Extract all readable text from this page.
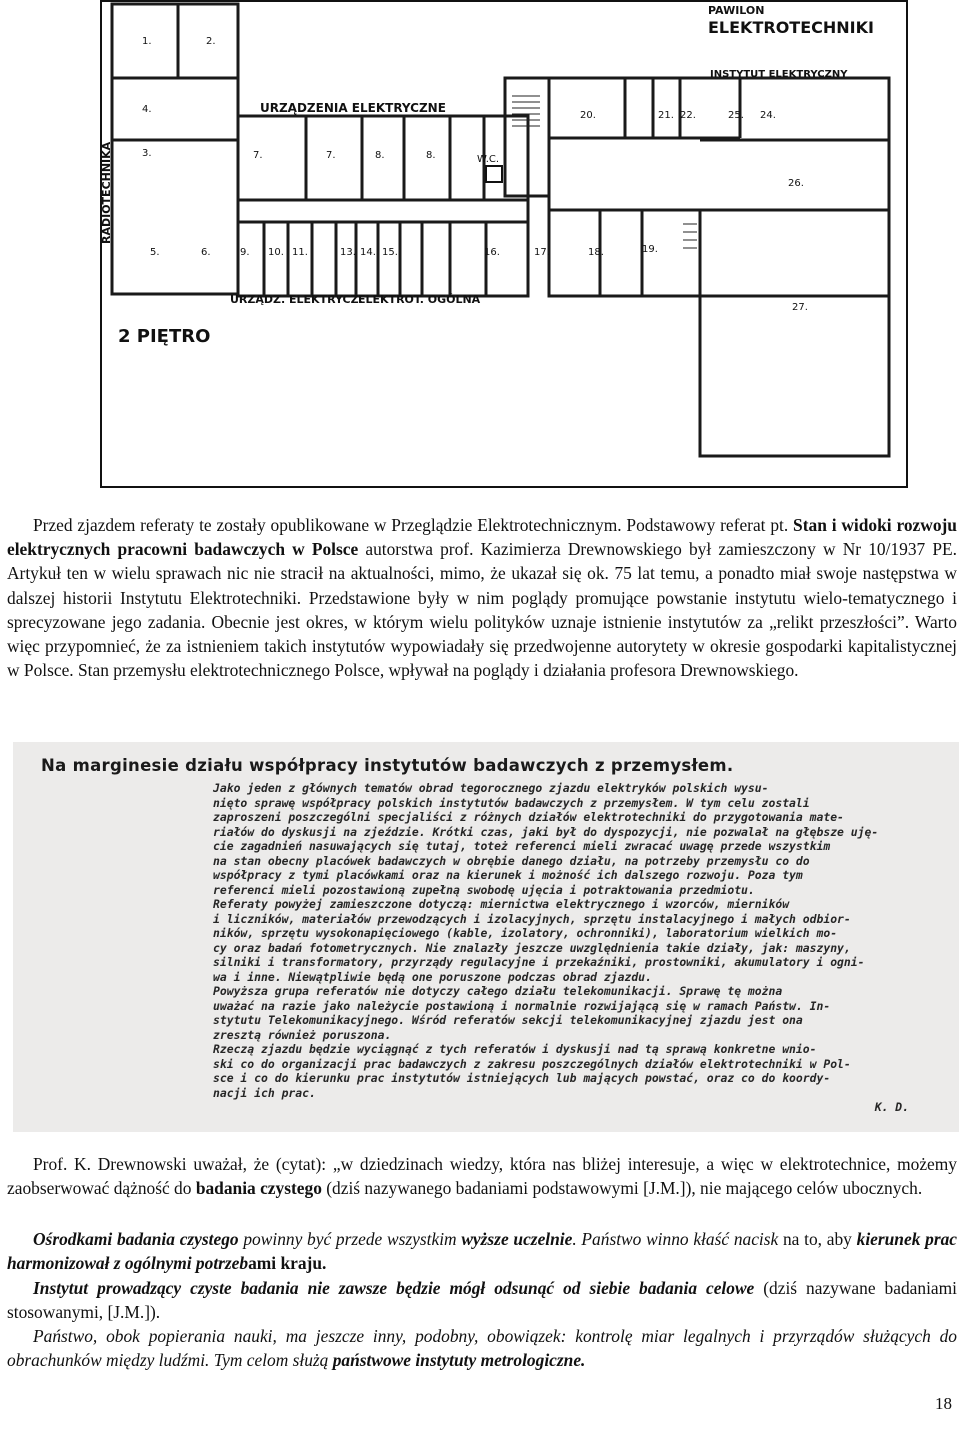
PAWILON
ELEKTROTECHNIKI
INSTYTUT ELEKTRYCZNY
URZĄDZENIA ELEKTRYCZNE
RADIOTECHNIKA
URZĄDZ. ELEKTRYCZ.
ELEKTROT. OGÓLNA
2 PIĘTRO
W.C.
1.	2.
4.
3.	7.	7.	8.	8.
5.	6.	9. 10. 11.	13. 14. 15.	16.	17.	18.	19.
20.	21. 22.	25. 24.
26.
27.
Przed zjazdem referaty te zostały opublikowane w Przeglądzie Elektrotechnicznym. Podstawowy referat pt. Stan i widoki rozwoju elektrycznych pracowni badawczych w Polsce autorstwa prof. Kazimierza Drewnowskiego był zamieszczony w Nr 10/1937 PE. Artykuł ten w wielu sprawach nic nie stracił na aktualności, mimo, że ukazał się ok. 75 lat temu, a ponadto miał swoje następstwa w dalszej historii Instytutu Elektrotechniki. Przedstawione były w nim poglądy promujące powstanie instytutu wielo-tematycznego i sprecyzowane jego zadania. Obecnie jest okres, w którym wielu polityków uznaje istnienie instytutów za „relikt przeszłości”. Warto więc przypomnieć, że za istnieniem takich instytutów wypowiadały się przedwojenne autorytety w okresie gospodarki kapitalistycznej w Polsce. Stan przemysłu elektrotechnicznego Polsce, wpływał na poglądy i działania profesora Drewnowskiego.
Na marginesie działu współpracy instytutów badawczych z przemysłem.
Jako jeden z głównych tematów obrad tegorocznego zjazdu elektryków polskich wysu-
nięto sprawę współpracy polskich instytutów badawczych z przemysłem. W tym celu zostali
zaproszeni poszczególni specjaliści z różnych działów elektrotechniki do przygotowania mate-
riałów do dyskusji na zjeździe. Krótki czas, jaki był do dyspozycji, nie pozwalał na głębsze uję-
cie zagadnień nasuwających się tutaj, toteż referenci mieli zwracać uwagę przede wszystkim
na stan obecny placówek badawczych w obrębie danego działu, na potrzeby przemysłu co do
współpracy z tymi placówkami oraz na kierunek i możność ich dalszego rozwoju. Poza tym
referenci mieli pozostawioną zupełną swobodę ujęcia i potraktowania przedmiotu.
Referaty powyżej zamieszczone dotyczą: miernictwa elektrycznego i wzorców, mierników
i liczników, materiałów przewodzących i izolacyjnych, sprzętu instalacyjnego i małych odbior-
ników, sprzętu wysokonapięciowego (kable, izolatory, ochronniki), laboratorium wielkich mo-
cy oraz badań fotometrycznych. Nie znalazły jeszcze uwzględnienia takie działy, jak: maszyny,
silniki i transformatory, przyrządy regulacyjne i przekaźniki, prostowniki, akumulatory i ogni-
wa i inne. Niewątpliwie będą one poruszone podczas obrad zjazdu.
Powyższa grupa referatów nie dotyczy całego działu telekomunikacji. Sprawę tę można
uważać na razie jako należycie postawioną i normalnie rozwijającą się w ramach Państw. In-
stytutu Telekomunikacyjnego. Wśród referatów sekcji telekomunikacyjnej zjazdu jest ona
zresztą również poruszona.
Rzeczą zjazdu będzie wyciągnąć z tych referatów i dyskusji nad tą sprawą konkretne wnio-
ski co do organizacji prac badawczych z zakresu poszczególnych działów elektrotechniki w Pol-
sce i co do kierunku prac instytutów istniejących lub mających powstać, oraz co do koordy-
nacji ich prac.
K. D.
Prof. K. Drewnowski uważał, że (cytat): „w dziedzinach wiedzy, która nas bliżej interesuje, a więc w elektrotechnice, możemy zaobserwować dążność do badania czystego (dziś nazywanego badaniami podstawowymi [J.M.]), nie mającego celów ubocznych.
Ośrodkami badania czystego powinny być przede wszystkim wyższe uczelnie. Państwo winno kłaść nacisk na to, aby kierunek prac harmonizował z ogólnymi potrzebami kraju.
Instytut prowadzący czyste badania nie zawsze będzie mógł odsunąć od siebie badania celowe (dziś nazywane badaniami stosowanymi, [J.M.]).
Państwo, obok popierania nauki, ma jeszcze inny, podobny, obowiązek: kontrolę miar legalnych i przyrządów służących do obrachunków między ludźmi. Tym celom służą państwowe instytuty metrologiczne.
18
